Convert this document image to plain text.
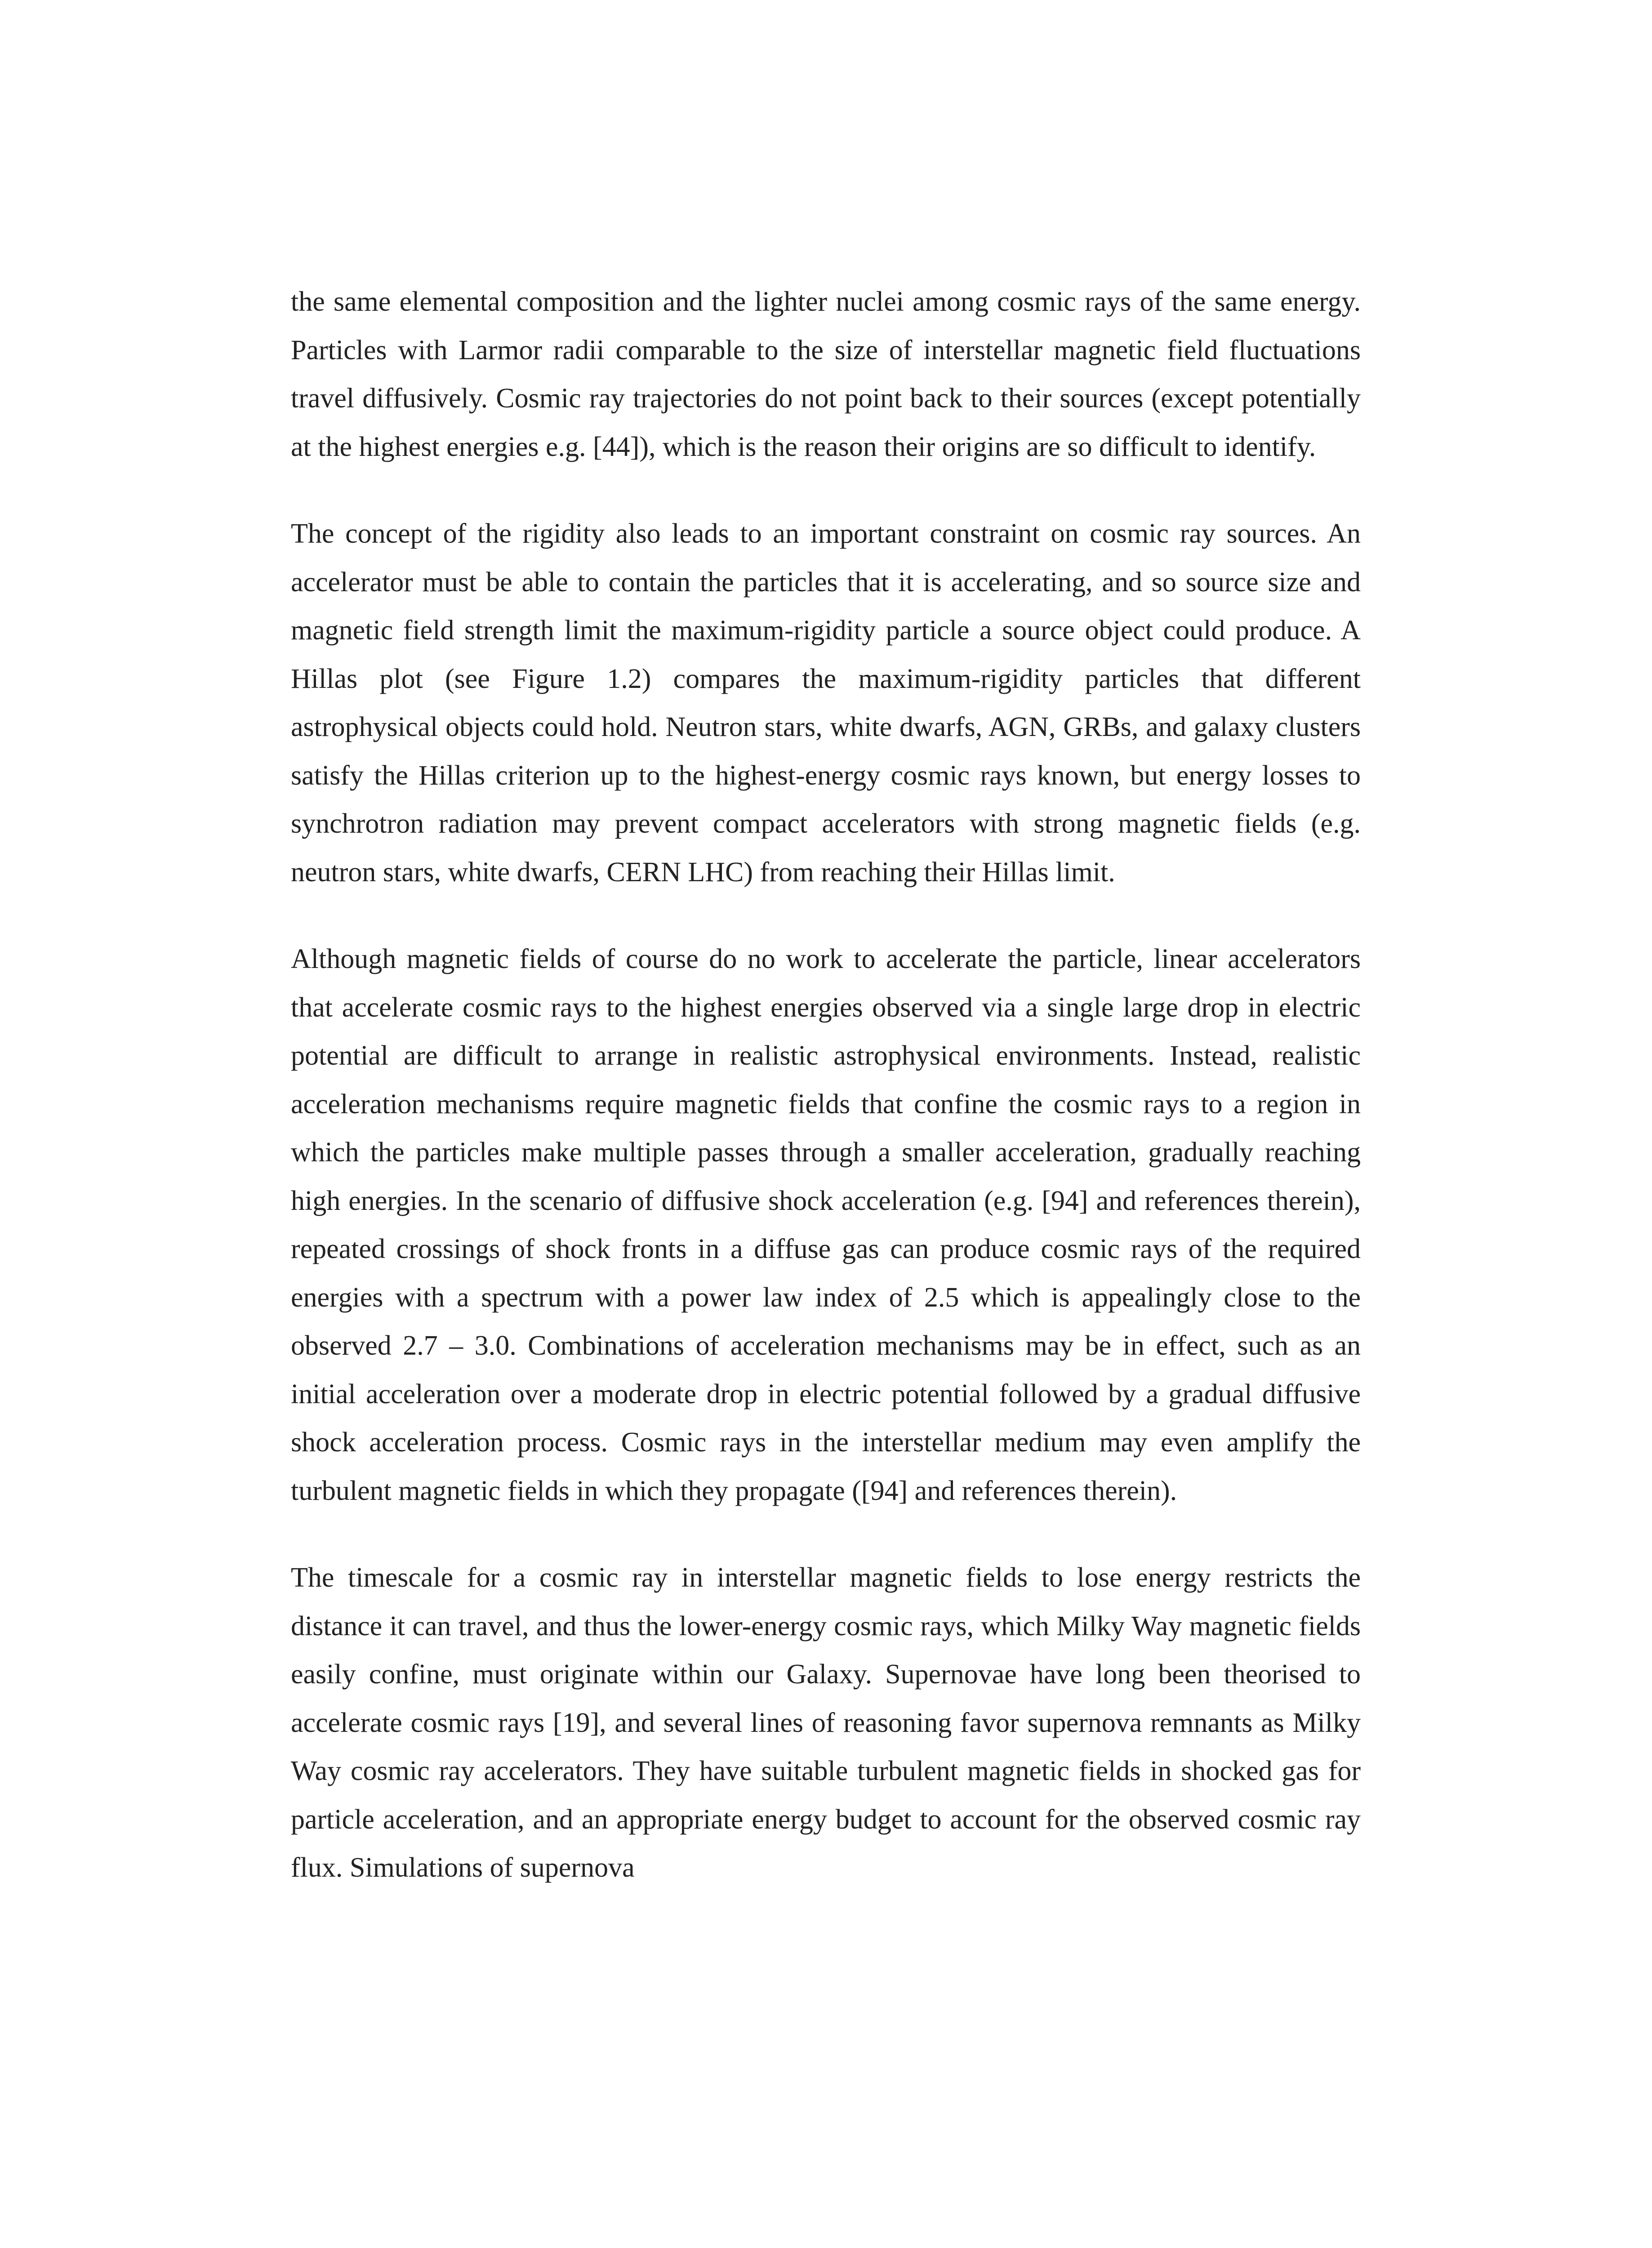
the same elemental composition and the lighter nuclei among cosmic rays of the same energy. Particles with Larmor radii comparable to the size of interstellar magnetic field fluctuations travel diffusively. Cosmic ray trajectories do not point back to their sources (except potentially at the highest energies e.g. [44]), which is the reason their origins are so difficult to identify.

The concept of the rigidity also leads to an important constraint on cosmic ray sources. An accelerator must be able to contain the particles that it is accelerating, and so source size and magnetic field strength limit the maximum-rigidity particle a source object could produce. A Hillas plot (see Figure 1.2) compares the maximum-rigidity particles that different astrophysical objects could hold. Neutron stars, white dwarfs, AGN, GRBs, and galaxy clusters satisfy the Hillas criterion up to the highest-energy cosmic rays known, but energy losses to synchrotron radiation may prevent compact accelerators with strong magnetic fields (e.g. neutron stars, white dwarfs, CERN LHC) from reaching their Hillas limit.

Although magnetic fields of course do no work to accelerate the particle, linear accelerators that accelerate cosmic rays to the highest energies observed via a single large drop in electric potential are difficult to arrange in realistic astrophysical environments. Instead, realistic acceleration mechanisms require magnetic fields that confine the cosmic rays to a region in which the particles make multiple passes through a smaller acceleration, gradually reaching high energies. In the scenario of diffusive shock acceleration (e.g. [94] and references therein), repeated crossings of shock fronts in a diffuse gas can produce cosmic rays of the required energies with a spectrum with a power law index of 2.5 which is appealingly close to the observed 2.7 – 3.0. Combinations of acceleration mechanisms may be in effect, such as an initial acceleration over a moderate drop in electric potential followed by a gradual diffusive shock acceleration process. Cosmic rays in the interstellar medium may even amplify the turbulent magnetic fields in which they propagate ([94] and references therein).

The timescale for a cosmic ray in interstellar magnetic fields to lose energy restricts the distance it can travel, and thus the lower-energy cosmic rays, which Milky Way magnetic fields easily confine, must originate within our Galaxy. Supernovae have long been theorised to accelerate cosmic rays [19], and several lines of reasoning favor supernova remnants as Milky Way cosmic ray accelerators. They have suitable turbulent magnetic fields in shocked gas for particle acceleration, and an appropriate energy budget to account for the observed cosmic ray flux. Simulations of supernova
